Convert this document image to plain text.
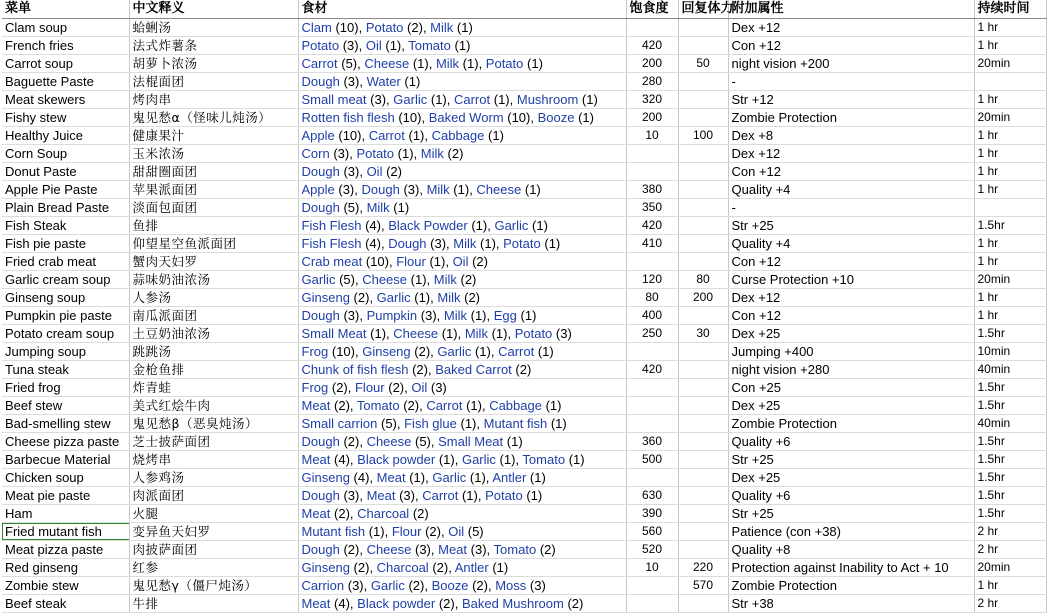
菜单	中文释义	食材	饱食度	回复体力	附加属性	持续时间
Clam soup	蛤蜊汤	Clam (10), Potato (2), Milk (1)			Dex +12	1 hr
French fries	法式炸薯条	Potato (3), Oil (1), Tomato (1)	420		Con +12	1 hr
Carrot soup	胡萝卜浓汤	Carrot (5), Cheese (1), Milk (1), Potato (1)	200	50	night vision +200	20min
Baguette Paste	法棍面团	Dough (3), Water (1)	280		-	
Meat skewers	烤肉串	Small meat (3), Garlic (1), Carrot (1), Mushroom (1)	320		Str +12	1 hr
Fishy stew	鬼见愁α（怪味儿炖汤）	Rotten fish flesh (10), Baked Worm (10), Booze (1)	200		Zombie Protection	20min
Healthy Juice	健康果汁	Apple (10), Carrot (1), Cabbage (1)	10	100	Dex +8	1 hr
Corn Soup	玉米浓汤	Corn (3), Potato (1), Milk (2)			Dex +12	1 hr
Donut Paste	甜甜圈面团	Dough (3), Oil (2)			Con +12	1 hr
Apple Pie Paste	苹果派面团	Apple (3), Dough (3), Milk (1), Cheese (1)	380		Quality +4	1 hr
Plain Bread Paste	淡面包面团	Dough (5), Milk (1)	350		-	
Fish Steak	鱼排	Fish Flesh (4), Black Powder (1), Garlic (1)	420		Str +25	1.5hr
Fish pie paste	仰望星空鱼派面团	Fish Flesh (4), Dough (3), Milk (1), Potato (1)	410		Quality +4	1 hr
Fried crab meat	蟹肉天妇罗	Crab meat (10), Flour (1), Oil (2)			Con +12	1 hr
Garlic cream soup	蒜味奶油浓汤	Garlic (5), Cheese (1), Milk (2)	120	80	Curse Protection +10	20min
Ginseng soup	人参汤	Ginseng (2), Garlic (1), Milk (2)	80	200	Dex +12	1 hr
Pumpkin pie paste	南瓜派面团	Dough (3), Pumpkin (3), Milk (1), Egg (1)	400		Con +12	1 hr
Potato cream soup	土豆奶油浓汤	Small Meat (1), Cheese (1), Milk (1), Potato (3)	250	30	Dex +25	1.5hr
Jumping soup	跳跳汤	Frog (10), Ginseng (2), Garlic (1), Carrot (1)			Jumping +400	10min
Tuna steak	金枪鱼排	Chunk of fish flesh (2), Baked Carrot (2)	420		night vision +280	40min
Fried frog	炸青蛙	Frog (2), Flour (2), Oil (3)			Con +25	1.5hr
Beef stew	美式红烩牛肉	Meat (2), Tomato (2), Carrot (1), Cabbage (1)			Dex +25	1.5hr
Bad-smelling stew	鬼见愁β（恶臭炖汤）	Small carrion (5), Fish glue (1), Mutant fish (1)			Zombie Protection	40min
Cheese pizza paste	芝士披萨面团	Dough (2), Cheese (5), Small Meat (1)	360		Quality +6	1.5hr
Barbecue Material	烧烤串	Meat (4), Black powder (1), Garlic (1), Tomato (1)	500		Str +25	1.5hr
Chicken soup	人参鸡汤	Ginseng (4), Meat (1), Garlic (1), Antler (1)			Dex +25	1.5hr
Meat pie paste	肉派面团	Dough (3), Meat (3), Carrot (1), Potato (1)	630		Quality +6	1.5hr
Ham	火腿	Meat (2), Charcoal (2)	390		Str +25	1.5hr
Fried mutant fish	变异鱼天妇罗	Mutant fish (1), Flour (2), Oil (5)	560		Patience (con +38)	2 hr
Meat pizza paste	肉披萨面团	Dough (2), Cheese (3), Meat (3), Tomato (2)	520		Quality +8	2 hr
Red ginseng	红参	Ginseng (2), Charcoal (2), Antler (1)	10	220	Protection against Inability to Act + 10	20min
Zombie stew	鬼见愁γ（僵尸炖汤）	Carrion (3), Garlic (2), Booze (2), Moss (3)		570	Zombie Protection	1 hr
Beef steak	牛排	Meat (4), Black powder (2), Baked Mushroom (2)			Str +38	2 hr
